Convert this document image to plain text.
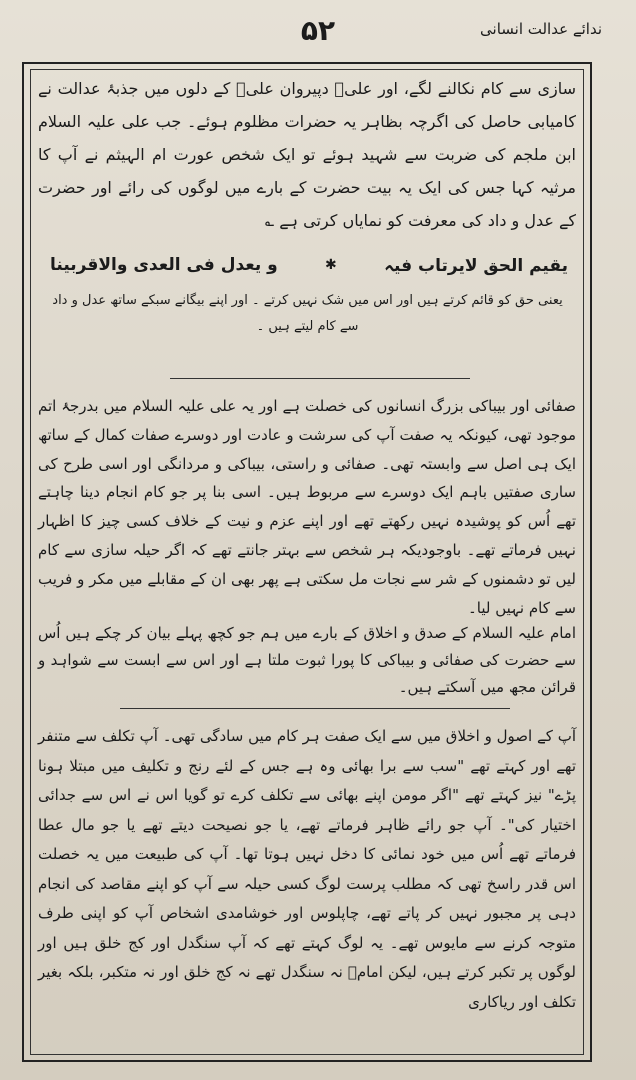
۵۲	ندائے عدالت انسانی

سازی سے کام نکالنے لگے، اور علیؑ دپیروان علیؑ کے دلوں میں جذبۂ عدالت نے کامیابی حاصل کی اگرچہ بظاہر یہ حضرات مظلوم ہوئے۔ جب علی علیہ السلام ابن ملجم کی ضربت سے شہید ہوئے تو ایک شخص عورت ام الہیثم نے آپ کا مرثیہ کہا جس کی ایک یہ بیت حضرت کے بارے میں لوگوں کی رائے اور حضرت کے عدل و داد کی معرفت کو نمایاں کرتی ہے ؎

یقیم الحق لایرتاب فیہ
✱
و یعدل فی العدی والاقربینا
یعنی حق کو قائم کرتے ہیں اور اس میں شک نہیں کرتے ۔ اور اپنے بیگانے سبکے ساتھ عدل و داد سے کام لیتے ہیں ۔

صفائی اور بیباکی بزرگ انسانوں کی خصلت ہے اور یہ علی علیہ السلام میں بدرجۂ اتم موجود تھی، کیونکہ یہ صفت آپ کی سرشت و عادت اور دوسرے صفات کمال کے ساتھ ایک ہی اصل سے وابستہ تھی۔ صفائی و راستی، بیباکی و مردانگی اور اسی طرح کی ساری صفتیں باہم ایک دوسرے سے مربوط ہیں۔ اسی بنا پر جو کام انجام دینا چاہتے تھے اُس کو پوشیدہ نہیں رکھتے تھے اور اپنے عزم و نیت کے خلاف کسی چیز کا اظہار نہیں فرماتے تھے۔ باوجودیکہ ہر شخص سے بہتر جانتے تھے کہ اگر حیلہ سازی سے کام لیں تو دشمنوں کے شر سے نجات مل سکتی ہے پھر بھی ان کے مقابلے میں مکر و فریب سے کام نہیں لیا۔

امام علیہ السلام کے صدق و اخلاق کے بارے میں ہم جو کچھ پہلے بیان کر چکے ہیں اُس سے حضرت کی صفائی و بیباکی کا پورا ثبوت ملتا ہے اور اس سے ابست سے شواہد و قرائن مجھ میں آسکتے ہیں۔

آپ کے اصول و اخلاق میں سے ایک صفت ہر کام میں سادگی تھی۔ آپ تکلف سے متنفر تھے اور کہتے تھے "سب سے برا بھائی وہ ہے جس کے لئے رنج و تکلیف میں مبتلا ہونا پڑے" نیز کہتے تھے "اگر مومن اپنے بھائی سے تکلف کرے تو گویا اس نے اس سے جدائی اختیار کی"۔ آپ جو رائے ظاہر فرماتے تھے، یا جو نصیحت دیتے تھے یا جو مال عطا فرماتے تھے اُس میں خود نمائی کا دخل نہیں ہوتا تھا۔ آپ کی طبیعت میں یہ خصلت اس قدر راسخ تھی کہ مطلب پرست لوگ کسی حیلہ سے آپ کو اپنے مقاصد کی انجام دہی پر مجبور نہیں کر پاتے تھے، چاپلوس اور خوشامدی اشخاص آپ کو اپنی طرف متوجہ کرنے سے مایوس تھے۔ یہ لوگ کہتے تھے کہ آپ سنگدل اور کج خلق ہیں اور لوگوں پر تکبر کرتے ہیں، لیکن امامؑ نہ سنگدل تھے نہ کج خلق اور نہ متکبر، بلکہ بغیر تکلف اور ریاکاری
